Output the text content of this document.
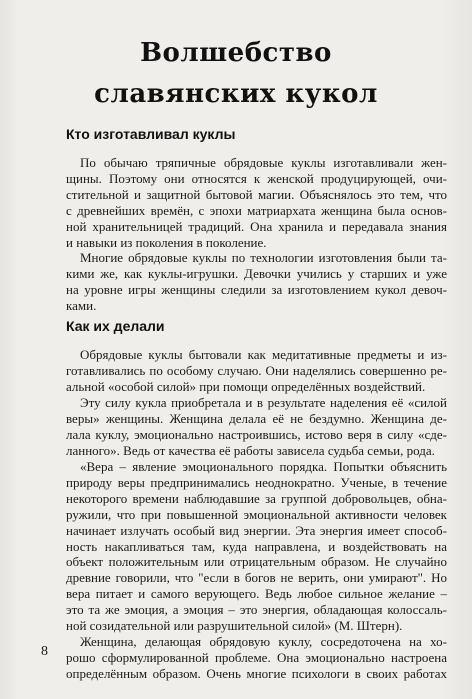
Волшебство
славянских кукол
Кто изготавливал куклы
По обычаю тряпичные обрядовые куклы изготавливали жен-
щины. Поэтому они относятся к женской продуцирующей, очи-
стительной и защитной бытовой магии. Объяснялось это тем, что
с древнейших времён, с эпохи матриархата женщина была основ-
ной хранительницей традиций. Она хранила и передавала знания
и навыки из поколения в поколение.
Многие обрядовые куклы по технологии изготовления были та-
кими же, как куклы-игрушки. Девочки учились у старших и уже
на уровне игры женщины следили за изготовлением кукол девоч-
ками.
Как их делали
Обрядовые куклы бытовали как медитативные предметы и из-
готавливались по особому случаю. Они наделялись совершенно ре-
альной «особой силой» при помощи определённых воздействий.
Эту силу кукла приобретала и в результате наделения её «силой
веры» женщины. Женщина делала её не бездумно. Женщина де-
лала куклу, эмоционально настроившись, истово веря в силу «сде-
ланного». Ведь от качества её работы зависела судьба семьи, рода.
«Вера – явление эмоционального порядка. Попытки объяснить
природу веры предпринимались неоднократно. Ученые, в течение
некоторого времени наблюдавшие за группой добровольцев, обна-
ружили, что при повышенной эмоциональной активности человек
начинает излучать особый вид энергии. Эта энергия имеет способ-
ность накапливаться там, куда направлена, и воздействовать на
объект положительным или отрицательным образом. Не случайно
древние говорили, что "если в богов не верить, они умирают". Но
вера питает и самого верующего. Ведь любое сильное желание –
это та же эмоция, а эмоция – это энергия, обладающая колоссаль-
ной созидательной или разрушительной силой» (М. Штерн).
Женщина, делающая обрядовую куклу, сосредоточена на хо-
рошо сформулированной проблеме. Она эмоционально настроена
определённым образом. Очень многие психологи в своих работах
8
